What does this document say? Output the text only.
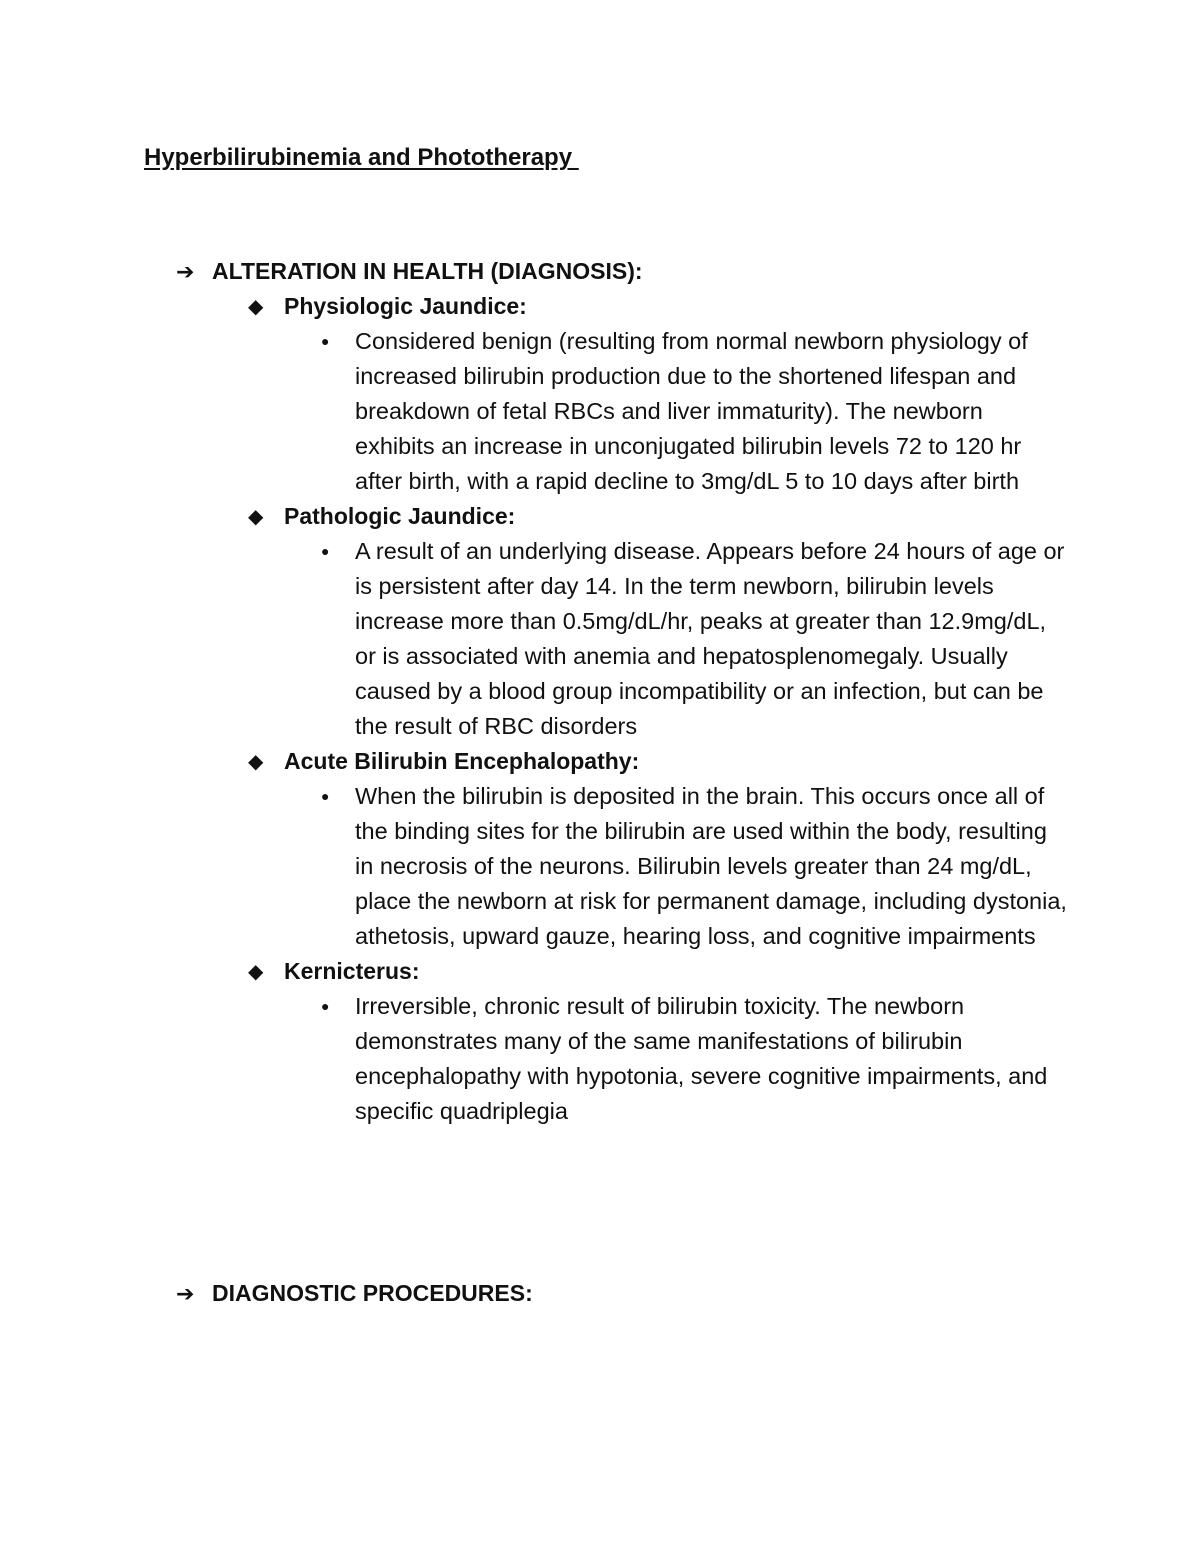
Hyperbilirubinemia and Phototherapy
➔ ALTERATION IN HEALTH (DIAGNOSIS):
◆ Physiologic Jaundice:
●	Considered benign (resulting from normal newborn physiology of increased bilirubin production due to the shortened lifespan and breakdown of fetal RBCs and liver immaturity). The newborn exhibits an increase in unconjugated bilirubin levels 72 to 120 hr after birth, with a rapid decline to 3mg/dL 5 to 10 days after birth
◆ Pathologic Jaundice:
●	A result of an underlying disease. Appears before 24 hours of age or is persistent after day 14. In the term newborn, bilirubin levels increase more than 0.5mg/dL/hr, peaks at greater than 12.9mg/dL, or is associated with anemia and hepatosplenomegaly. Usually caused by a blood group incompatibility or an infection, but can be the result of RBC disorders
◆ Acute Bilirubin Encephalopathy:
●	When the bilirubin is deposited in the brain. This occurs once all of the binding sites for the bilirubin are used within the body, resulting in necrosis of the neurons. Bilirubin levels greater than 24 mg/dL, place the newborn at risk for permanent damage, including dystonia, athetosis, upward gauze, hearing loss, and cognitive impairments
◆ Kernicterus:
●	Irreversible, chronic result of bilirubin toxicity. The newborn demonstrates many of the same manifestations of bilirubin encephalopathy with hypotonia, severe cognitive impairments, and specific quadriplegia
➔ DIAGNOSTIC PROCEDURES:
